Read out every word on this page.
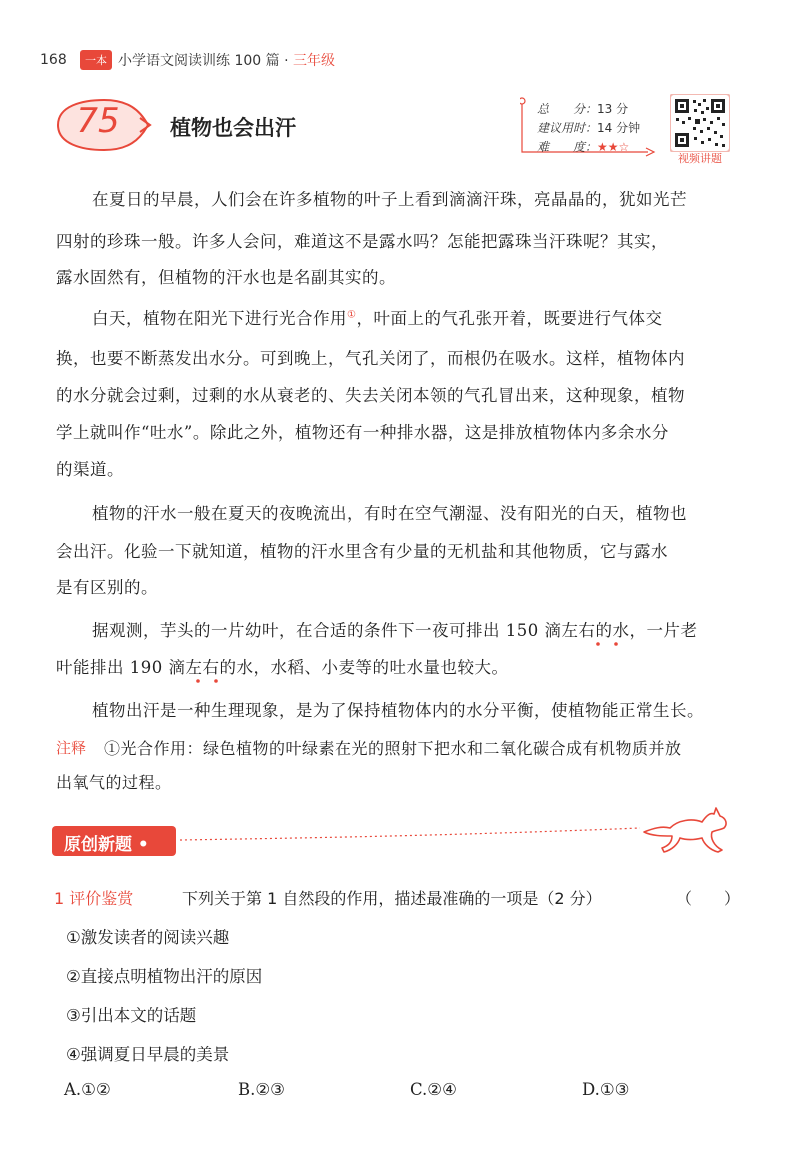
168	一本 小学语文阅读训练 100 篇 · 三年级
75	植物也会出汗
总　　分：13 分
建议用时：14 分钟
难　　度：★★☆
视频讲题
在夏日的早晨，人们会在许多植物的叶子上看到滴滴汗珠，亮晶晶的，犹如光芒
四射的珍珠一般。许多人会问，难道这不是露水吗？怎能把露珠当汗珠呢？其实，
露水固然有，但植物的汗水也是名副其实的。
白天，植物在阳光下进行光合作用①，叶面上的气孔张开着，既要进行气体交
换，也要不断蒸发出水分。可到晚上，气孔关闭了，而根仍在吸水。这样，植物体内
的水分就会过剩，过剩的水从衰老的、失去关闭本领的气孔冒出来，这种现象，植物
学上就叫作“吐水”。除此之外，植物还有一种排水器，这是排放植物体内多余水分
的渠道。
植物的汗水一般在夏天的夜晚流出，有时在空气潮湿、没有阳光的白天，植物也
会出汗。化验一下就知道，植物的汗水里含有少量的无机盐和其他物质，它与露水
是有区别的。
据观测，芋头的一片幼叶，在合适的条件下一夜可排出 150 滴左右的水，一片老
叶能排出 190 滴左右的水，水稻、小麦等的吐水量也较大。
植物出汗是一种生理现象，是为了保持植物体内的水分平衡，使植物能正常生长。
注释 ①光合作用：绿色植物的叶绿素在光的照射下把水和二氧化碳合成有机物质并放
出氧气的过程。
原创新题 •
1 评价鉴赏	下列关于第 1 自然段的作用，描述最准确的一项是（2 分）	（　　）
①激发读者的阅读兴趣
②直接点明植物出汗的原因
③引出本文的话题
④强调夏日早晨的美景
A.①②	B.②③	C.②④	D.①③
